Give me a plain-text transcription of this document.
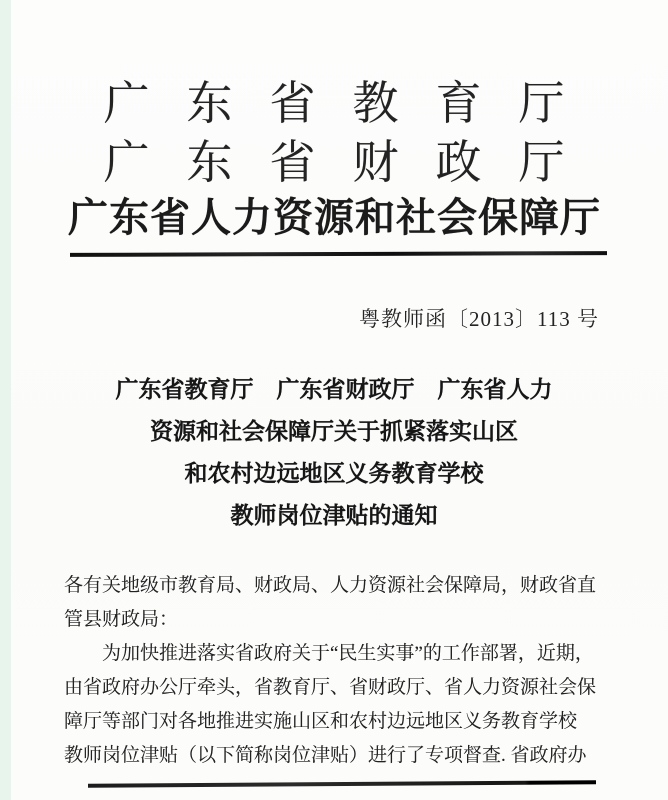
广东省教育厅
广东省财政厅
广东省人力资源和社会保障厅
粤教师函〔2013〕113 号
广东省教育厅　广东省财政厅　广东省人力
资源和社会保障厅关于抓紧落实山区
和农村边远地区义务教育学校
教师岗位津贴的通知
各有关地级市教育局、财政局、人力资源社会保障局，财政省直
管县财政局：
为加快推进落实省政府关于“民生实事”的工作部署，近期，
由省政府办公厅牵头，省教育厅、省财政厅、省人力资源社会保
障厅等部门对各地推进实施山区和农村边远地区义务教育学校
教师岗位津贴（以下简称岗位津贴）进行了专项督查. 省政府办
